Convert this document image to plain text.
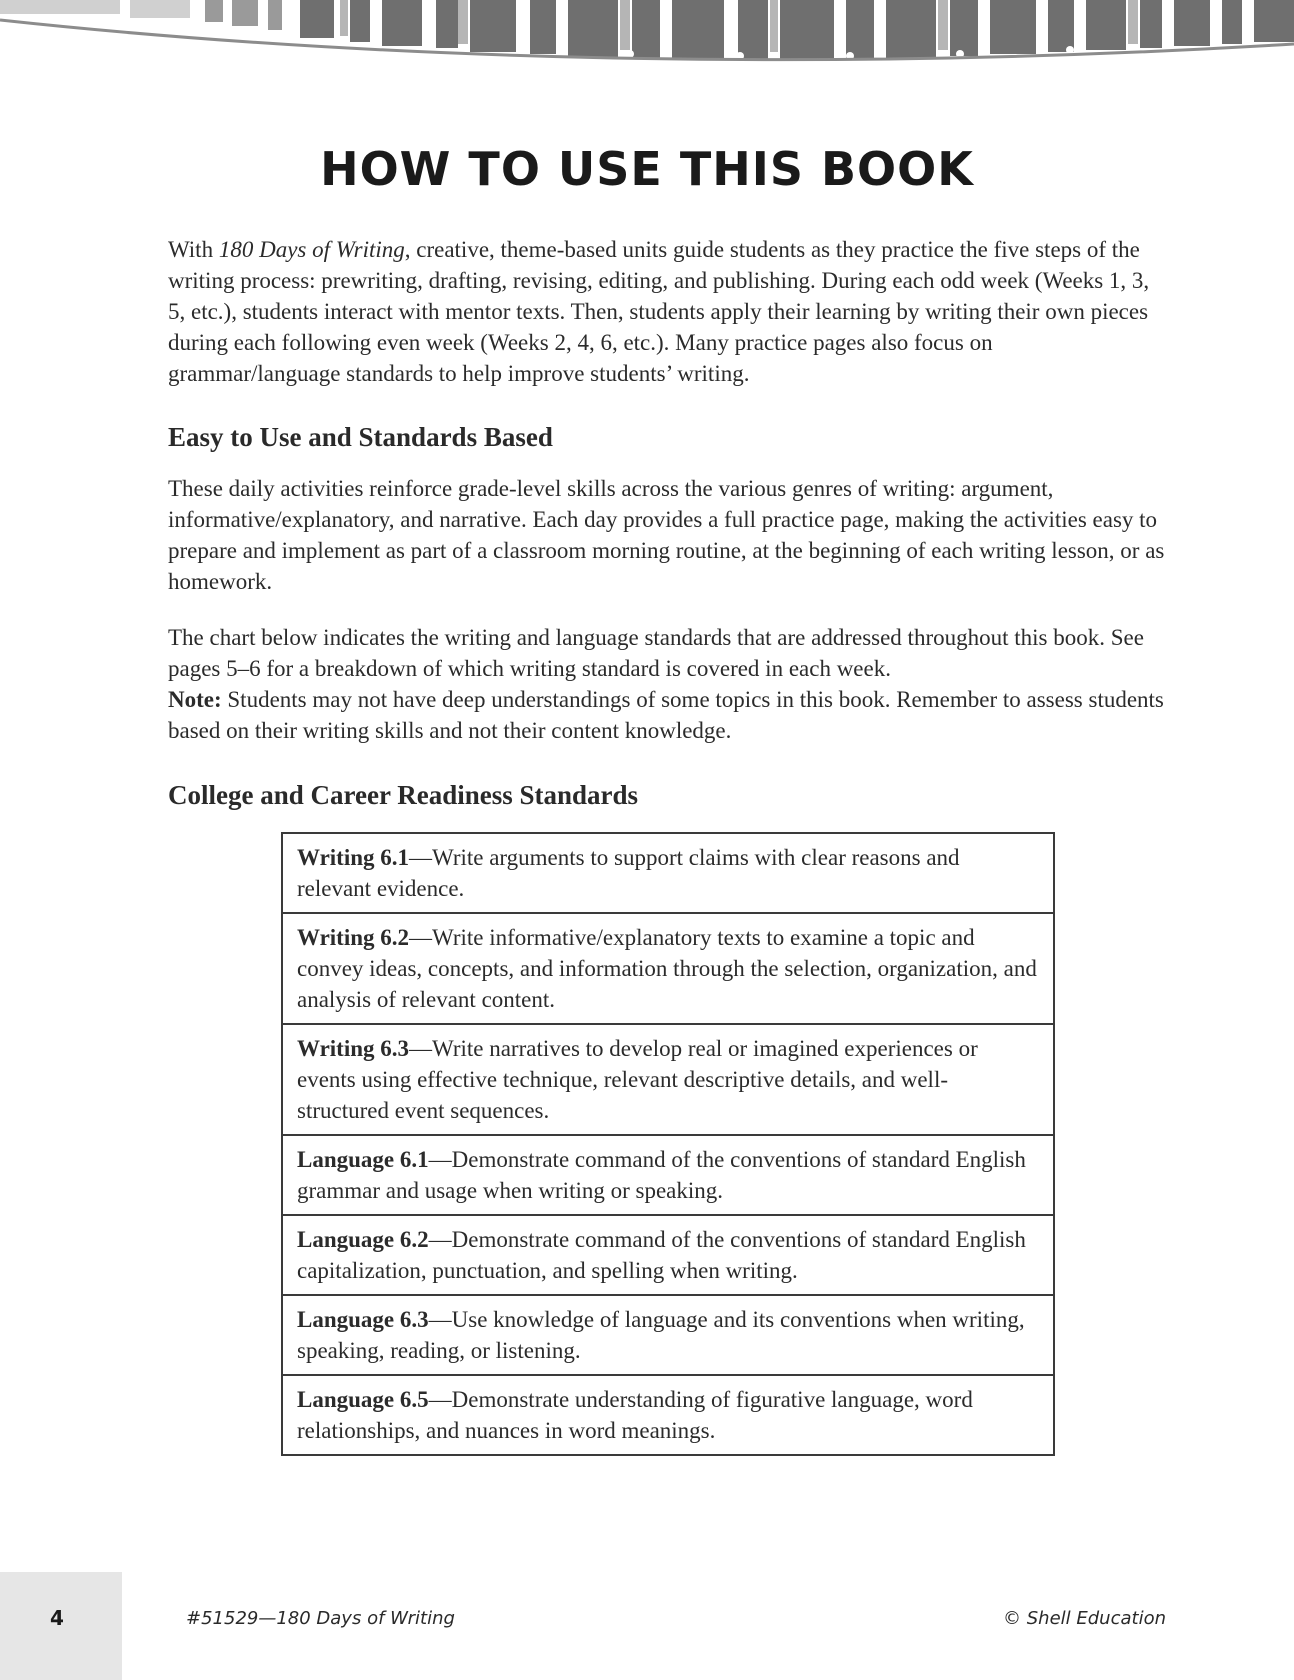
HOW TO USE THIS BOOK

With 180 Days of Writing, creative, theme-based units guide students as they practice the five steps of the writing process: prewriting, drafting, revising, editing, and publishing. During each odd week (Weeks 1, 3, 5, etc.), students interact with mentor texts. Then, students apply their learning by writing their own pieces during each following even week (Weeks 2, 4, 6, etc.). Many practice pages also focus on grammar/language standards to help improve students’ writing.

Easy to Use and Standards Based

These daily activities reinforce grade-level skills across the various genres of writing: argument, informative/explanatory, and narrative. Each day provides a full practice page, making the activities easy to prepare and implement as part of a classroom morning routine, at the beginning of each writing lesson, or as homework.

The chart below indicates the writing and language standards that are addressed throughout this book. See pages 5–6 for a breakdown of which writing standard is covered in each week.
Note: Students may not have deep understandings of some topics in this book. Remember to assess students based on their writing skills and not their content knowledge.

College and Career Readiness Standards
Writing 6.1—Write arguments to support claims with clear reasons and relevant evidence.
Writing 6.2—Write informative/explanatory texts to examine a topic and convey ideas, concepts, and information through the selection, organization, and analysis of relevant content.
Writing 6.3—Write narratives to develop real or imagined experiences or events using effective technique, relevant descriptive details, and well-structured event sequences.
Language 6.1—Demonstrate command of the conventions of standard English grammar and usage when writing or speaking.
Language 6.2—Demonstrate command of the conventions of standard English capitalization, punctuation, and spelling when writing.
Language 6.3—Use knowledge of language and its conventions when writing, speaking, reading, or listening.
Language 6.5—Demonstrate understanding of figurative language, word relationships, and nuances in word meanings.
4	#51529—180 Days of Writing	© Shell Education
